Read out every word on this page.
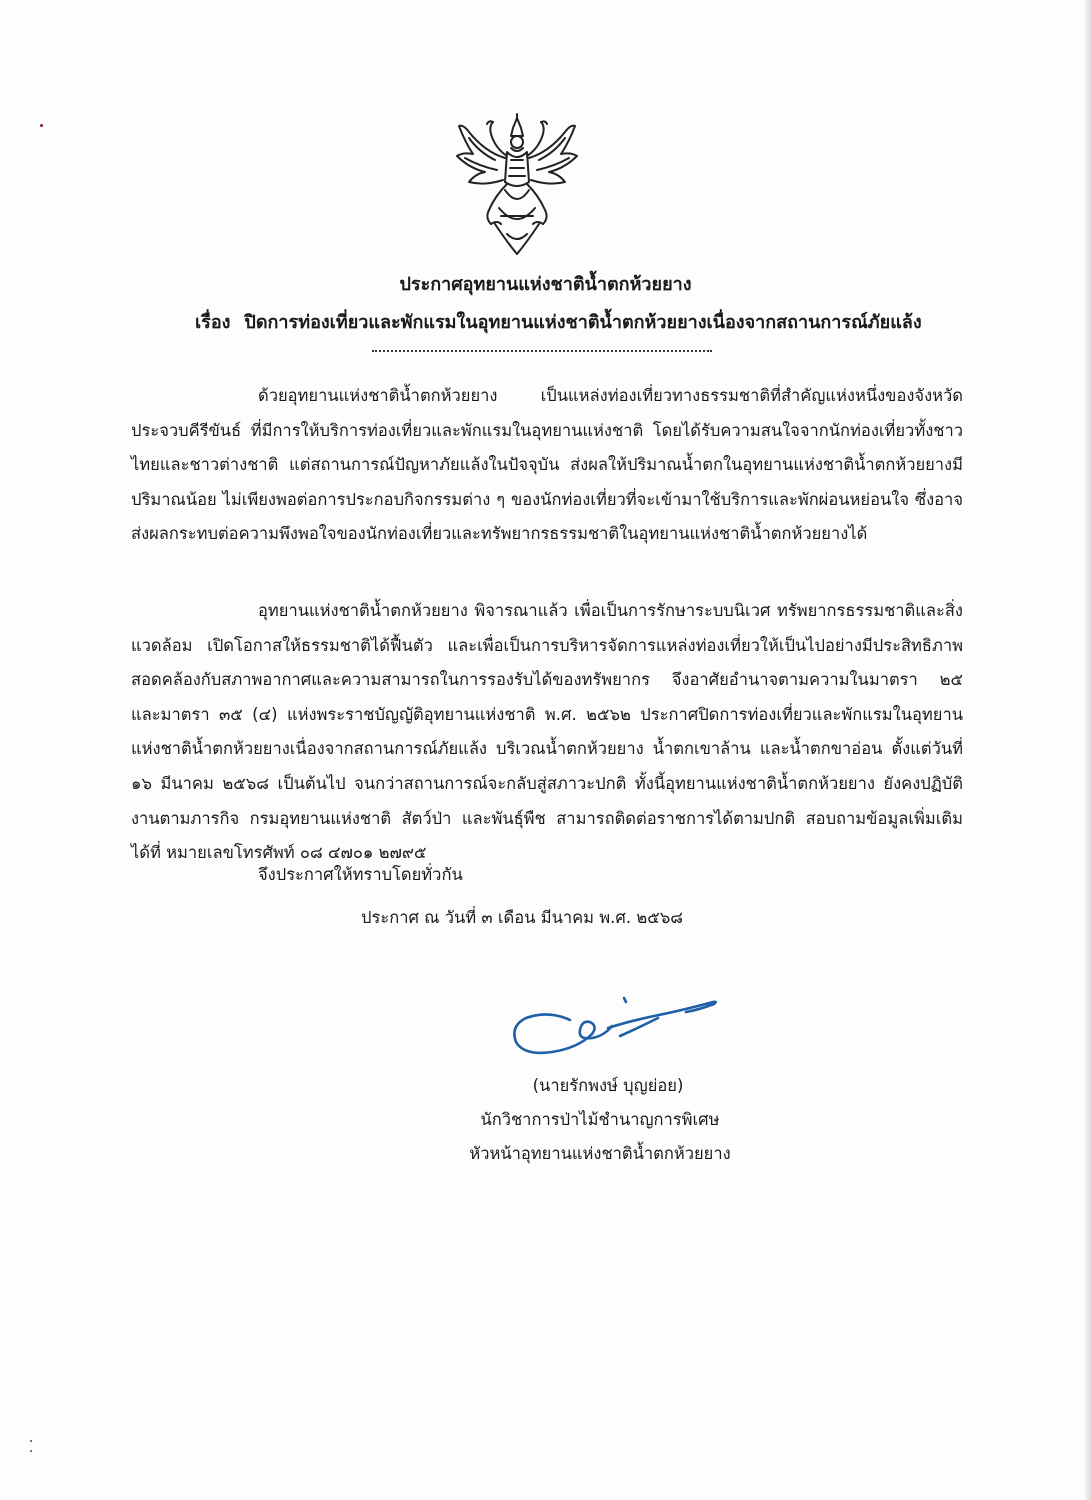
ประกาศอุทยานแห่งชาติน้ำตกห้วยยาง
เรื่อง ปิดการท่องเที่ยวและพักแรมในอุทยานแห่งชาติน้ำตกห้วยยางเนื่องจากสถานการณ์ภัยแล้ง
ด้วยอุทยานแห่งชาติน้ำตกห้วยยาง เป็นแหล่งท่องเที่ยวทางธรรมชาติที่สำคัญแห่งหนึ่งของจังหวัดประจวบคีรีขันธ์ ที่มีการให้บริการท่องเที่ยวและพักแรมในอุทยานแห่งชาติ โดยได้รับความสนใจจากนักท่องเที่ยวทั้งชาวไทยและชาวต่างชาติ แต่สถานการณ์ปัญหาภัยแล้งในปัจจุบัน ส่งผลให้ปริมาณน้ำตกในอุทยานแห่งชาติน้ำตกห้วยยางมีปริมาณน้อย ไม่เพียงพอต่อการประกอบกิจกรรมต่าง ๆ ของนักท่องเที่ยวที่จะเข้ามาใช้บริการและพักผ่อนหย่อนใจ ซึ่งอาจส่งผลกระทบต่อความพึงพอใจของนักท่องเที่ยวและทรัพยากรธรรมชาติในอุทยานแห่งชาติน้ำตกห้วยยางได้
อุทยานแห่งชาติน้ำตกห้วยยาง พิจารณาแล้ว เพื่อเป็นการรักษาระบบนิเวศ ทรัพยากรธรรมชาติและสิ่งแวดล้อม เปิดโอกาสให้ธรรมชาติได้ฟื้นตัว และเพื่อเป็นการบริหารจัดการแหล่งท่องเที่ยวให้เป็นไปอย่างมีประสิทธิภาพสอดคล้องกับสภาพอากาศและความสามารถในการรองรับได้ของทรัพยากร จึงอาศัยอำนาจตามความในมาตรา ๒๕ และมาตรา ๓๕ (๔) แห่งพระราชบัญญัติอุทยานแห่งชาติ พ.ศ. ๒๕๖๒ ประกาศปิดการท่องเที่ยวและพักแรมในอุทยานแห่งชาติน้ำตกห้วยยางเนื่องจากสถานการณ์ภัยแล้ง บริเวณน้ำตกห้วยยาง น้ำตกเขาล้าน และน้ำตกขาอ่อน ตั้งแต่วันที่ ๑๖ มีนาคม ๒๕๖๘ เป็นต้นไป จนกว่าสถานการณ์จะกลับสู่สภาวะปกติ ทั้งนี้อุทยานแห่งชาติน้ำตกห้วยยาง ยังคงปฏิบัติงานตามภารกิจ กรมอุทยานแห่งชาติ สัตว์ป่า และพันธุ์พืช สามารถติดต่อราชการได้ตามปกติ สอบถามข้อมูลเพิ่มเติมได้ที่ หมายเลขโทรศัพท์ ๐๘ ๔๗๐๑ ๒๗๙๕
จึงประกาศให้ทราบโดยทั่วกัน
ประกาศ ณ วันที่ ๓ เดือน มีนาคม พ.ศ. ๒๕๖๘
(นายรักพงษ์ บุญย่อย)
นักวิชาการป่าไม้ชำนาญการพิเศษ
หัวหน้าอุทยานแห่งชาติน้ำตกห้วยยาง
